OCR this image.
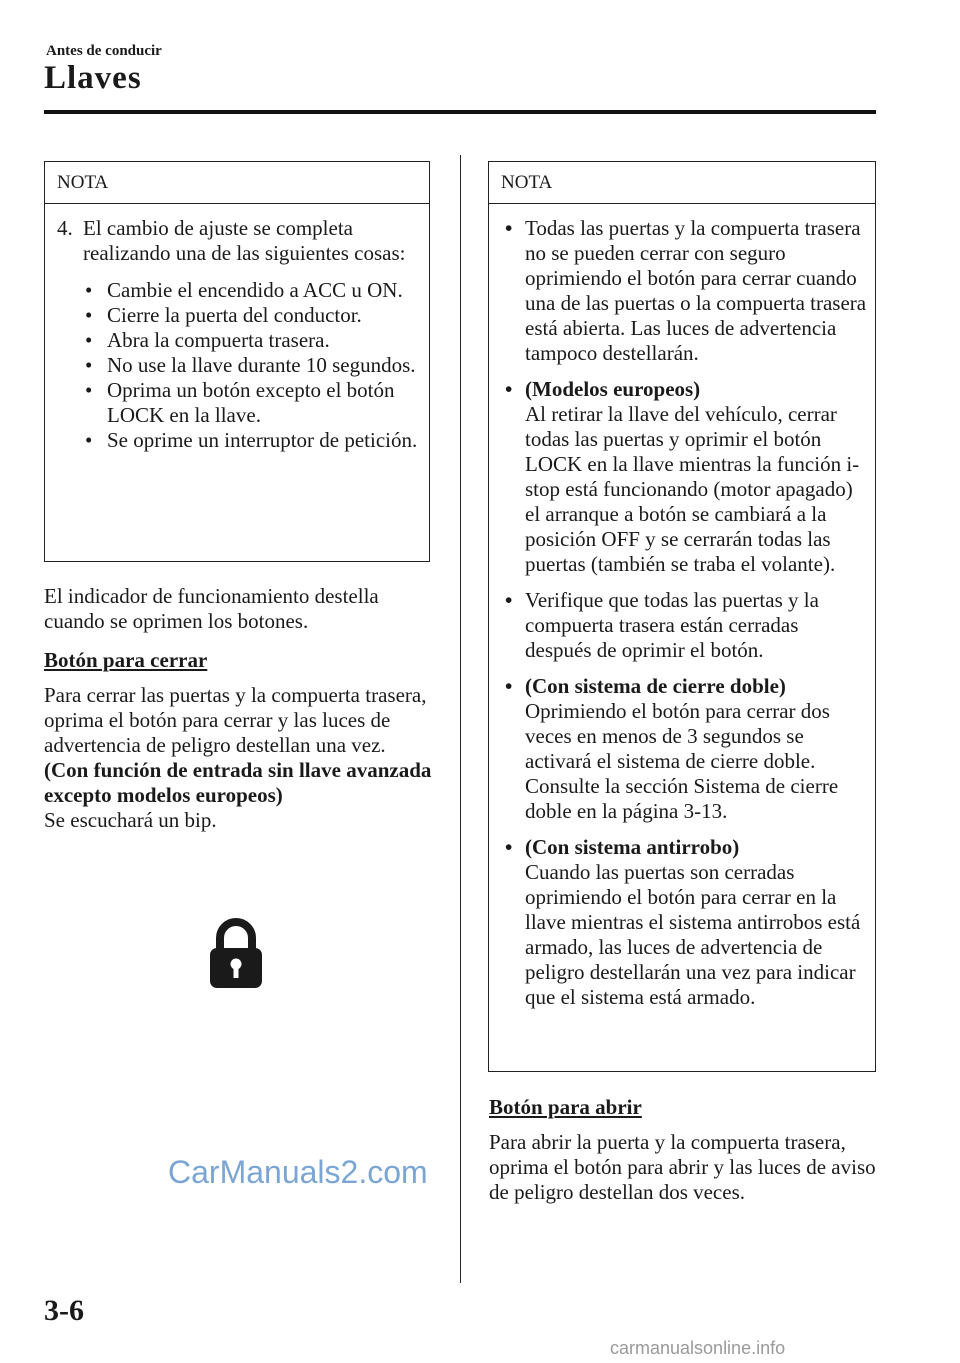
Antes de conducir
Llaves
NOTA
4. El cambio de ajuste se completa realizando una de las siguientes cosas:
• Cambie el encendido a ACC u ON.
• Cierre la puerta del conductor.
• Abra la compuerta trasera.
• No use la llave durante 10 segundos.
• Oprima un botón excepto el botón LOCK en la llave.
• Se oprime un interruptor de petición.
El indicador de funcionamiento destella cuando se oprimen los botones.
Botón para cerrar
Para cerrar las puertas y la compuerta trasera, oprima el botón para cerrar y las luces de advertencia de peligro destellan una vez.
(Con función de entrada sin llave avanzada excepto modelos europeos)
Se escuchará un bip.
CarManuals2.com
NOTA
• Todas las puertas y la compuerta trasera no se pueden cerrar con seguro oprimiendo el botón para cerrar cuando una de las puertas o la compuerta trasera está abierta. Las luces de advertencia tampoco destellarán.
• (Modelos europeos)
Al retirar la llave del vehículo, cerrar todas las puertas y oprimir el botón LOCK en la llave mientras la función i-stop está funcionando (motor apagado) el arranque a botón se cambiará a la posición OFF y se cerrarán todas las puertas (también se traba el volante).
• Verifique que todas las puertas y la compuerta trasera están cerradas después de oprimir el botón.
• (Con sistema de cierre doble)
Oprimiendo el botón para cerrar dos veces en menos de 3 segundos se activará el sistema de cierre doble. Consulte la sección Sistema de cierre doble en la página 3-13.
• (Con sistema antirrobo)
Cuando las puertas son cerradas oprimiendo el botón para cerrar en la llave mientras el sistema antirrobos está armado, las luces de advertencia de peligro destellarán una vez para indicar que el sistema está armado.
Botón para abrir
Para abrir la puerta y la compuerta trasera, oprima el botón para abrir y las luces de aviso de peligro destellan dos veces.
3-6
carmanualsonline.info
